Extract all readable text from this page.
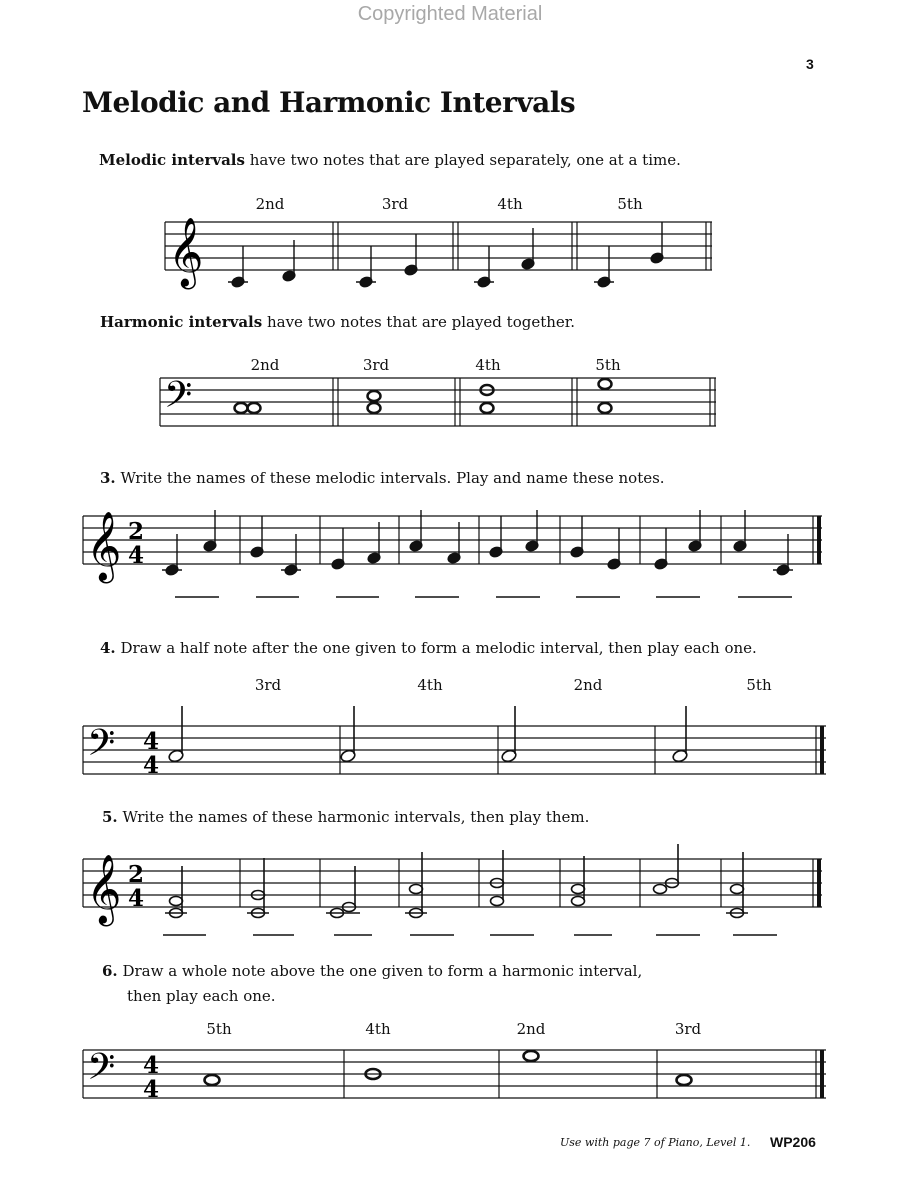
Copyrighted Material
3
Melodic and Harmonic Intervals
Melodic intervals have two notes that are played separately, one at a time.
2nd	3rd	4th	5th
𝄞
𝄢
𝄞 2
4
𝄢 4
4
𝄞 2
4
𝄢 4
4
Harmonic intervals have two notes that are played together.
2nd	3rd	4th	5th
3. Write the names of these melodic intervals. Play and name these notes.
4. Draw a half note after the one given to form a melodic interval, then play each one.
3rd	4th	2nd	5th
5. Write the names of these harmonic intervals, then play them.
6. Draw a whole note above the one given to form a harmonic interval,
then play each one.
5th	4th	2nd	3rd
Use with page 7 of Piano, Level 1. WP206
